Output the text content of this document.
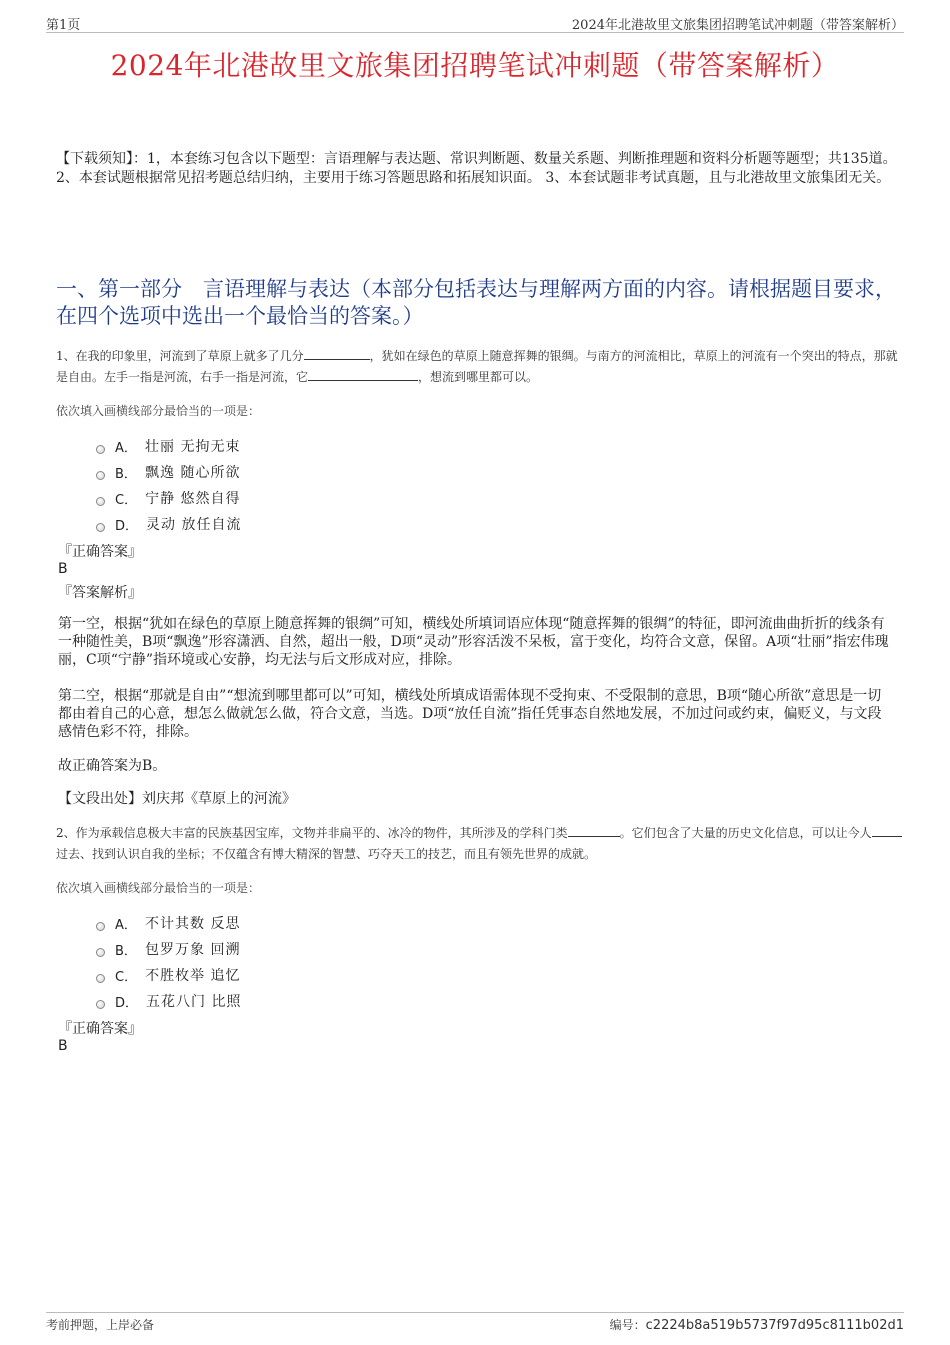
第1页	2024年北港故里文旅集团招聘笔试冲刺题（带答案解析）
2024年北港故里文旅集团招聘笔试冲刺题（带答案解析）
【下载须知】：1，本套练习包含以下题型：言语理解与表达题、常识判断题、数量关系题、判断推理题和资料分析题等题型；共135道。 2、本套试题根据常见招考题总结归纳，主要用于练习答题思路和拓展知识面。 3、本套试题非考试真题，且与北港故里文旅集团无关。
一、第一部分　言语理解与表达（本部分包括表达与理解两方面的内容。请根据题目要求，在四个选项中选出一个最恰当的答案。）
1、在我的印象里，河流到了草原上就多了几分	，犹如在绿色的草原上随意挥舞的银绸。与南方的河流相比，草原上的河流有一个突出的特点，那就是自由。左手一指是河流，右手一指是河流，它	，想流到哪里都可以。
依次填入画横线部分最恰当的一项是：
A． 壮丽 无拘无束
B． 飘逸 随心所欲
C． 宁静 悠然自得
D． 灵动 放任自流
『正确答案』
B
『答案解析』
第一空，根据“犹如在绿色的草原上随意挥舞的银绸”可知，横线处所填词语应体现“随意挥舞的银绸”的特征，即河流曲曲折折的线条有一种随性美，B项“飘逸”形容潇洒、自然，超出一般，D项“灵动”形容活泼不呆板，富于变化，均符合文意，保留。A项“壮丽”指宏伟瑰丽，C项“宁静”指环境或心安静，均无法与后文形成对应，排除。
第二空，根据“那就是自由”“想流到哪里都可以”可知，横线处所填成语需体现不受拘束、不受限制的意思，B项“随心所欲”意思是一切都由着自己的心意，想怎么做就怎么做，符合文意，当选。D项“放任自流”指任凭事态自然地发展，不加过问或约束，偏贬义，与文段感情色彩不符，排除。
故正确答案为B。
【文段出处】刘庆邦《草原上的河流》
2、作为承载信息极大丰富的民族基因宝库，文物并非扁平的、冰冷的物件，其所涉及的学科门类	。它们包含了大量的历史文化信息，可以让今人过去、找到认识自我的坐标；不仅蕴含有博大精深的智慧、巧夺天工的技艺，而且有领先世界的成就。
依次填入画横线部分最恰当的一项是：
A． 不计其数 反思
B． 包罗万象 回溯
C． 不胜枚举 追忆
D． 五花八门 比照
『正确答案』
B
考前押题，上岸必备	编号：c2224b8a519b5737f97d95c8111b02d1
